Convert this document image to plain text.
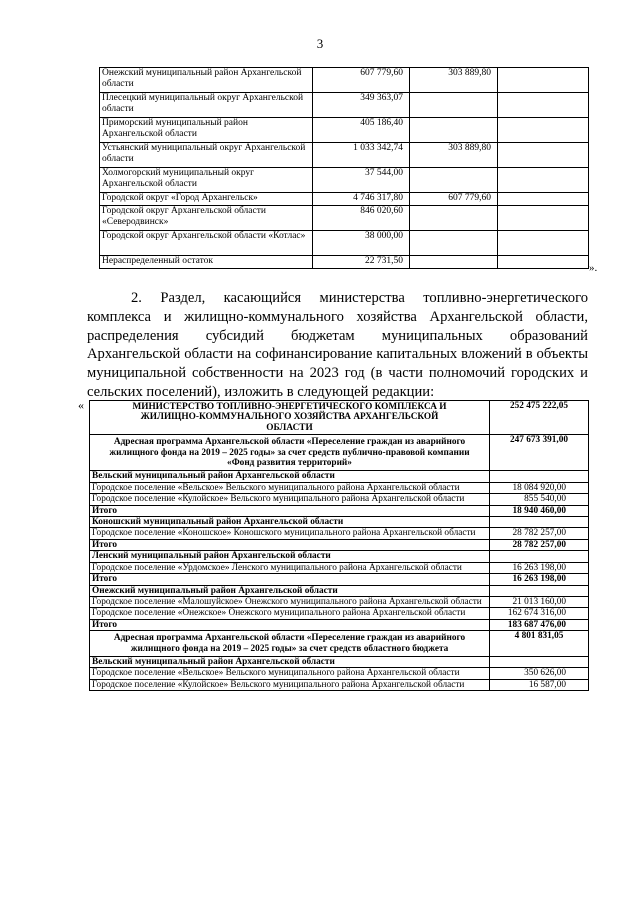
3
Онежский муниципальный район Архангельской области	607 779,60	303 889,80	
Плесецкий муниципальный округ Архангельской области	349 363,07		
Приморский муниципальный район Архангельской области	405 186,40		
Устьянский муниципальный округ Архангельской области	1 033 342,74	303 889,80	
Холмогорский муниципальный округ Архангельской области	37 544,00		
Городской округ «Город Архангельск»	4 746 317,80	607 779,60	
Городской округ Архангельской области «Северодвинск»	846 020,60		
Городской округ Архангельской области «Котлас»	38 000,00		
Нераспределенный остаток	22 731,50		
».

2. Раздел, касающийся министерства топливно-энергетического комплекса и жилищно-коммунального хозяйства Архангельской области, распределения субсидий бюджетам муниципальных образований Архангельской области на софинансирование капитальных вложений в объекты муниципальной собственности на 2023 год (в части полномочий городских и сельских поселений), изложить в следующей редакции:

«	МИНИСТЕРСТВО ТОПЛИВНО-ЭНЕРГЕТИЧЕСКОГО КОМПЛЕКСА И ЖИЛИЩНО-КОММУНАЛЬНОГО ХОЗЯЙСТВА АРХАНГЕЛЬСКОЙ ОБЛАСТИ	252 475 222,05
Адресная программа Архангельской области «Переселение граждан из аварийного жилищного фонда на 2019 – 2025 годы» за счет средств публично-правовой компании «Фонд развития территорий»	247 673 391,00
Вельский муниципальный район Архангельской области	
Городское поселение «Вельское» Вельского муниципального района Архангельской области	18 084 920,00
Городское поселение «Кулойское» Вельского муниципального района Архангельской области	855 540,00
Итого	18 940 460,00
Коношский муниципальный район Архангельской области	
Городское поселение «Коношское» Коношского муниципального района Архангельской области	28 782 257,00
Итого	28 782 257,00
Ленский муниципальный район Архангельской области	
Городское поселение «Урдомское» Ленского муниципального района Архангельской области	16 263 198,00
Итого	16 263 198,00
Онежский муниципальный район Архангельской области	
Городское поселение «Малошуйское» Онежского муниципального района Архангельской области	21 013 160,00
Городское поселение «Онежское» Онежского муниципального района Архангельской области	162 674 316,00
Итого	183 687 476,00
Адресная программа Архангельской области «Переселение граждан из аварийного жилищного фонда на 2019 – 2025 годы» за счет средств областного бюджета	4 801 831,05
Вельский муниципальный район Архангельской области	
Городское поселение «Вельское» Вельского муниципального района Архангельской области	350 626,00
Городское поселение «Кулойское» Вельского муниципального района Архангельской области	16 587,00
